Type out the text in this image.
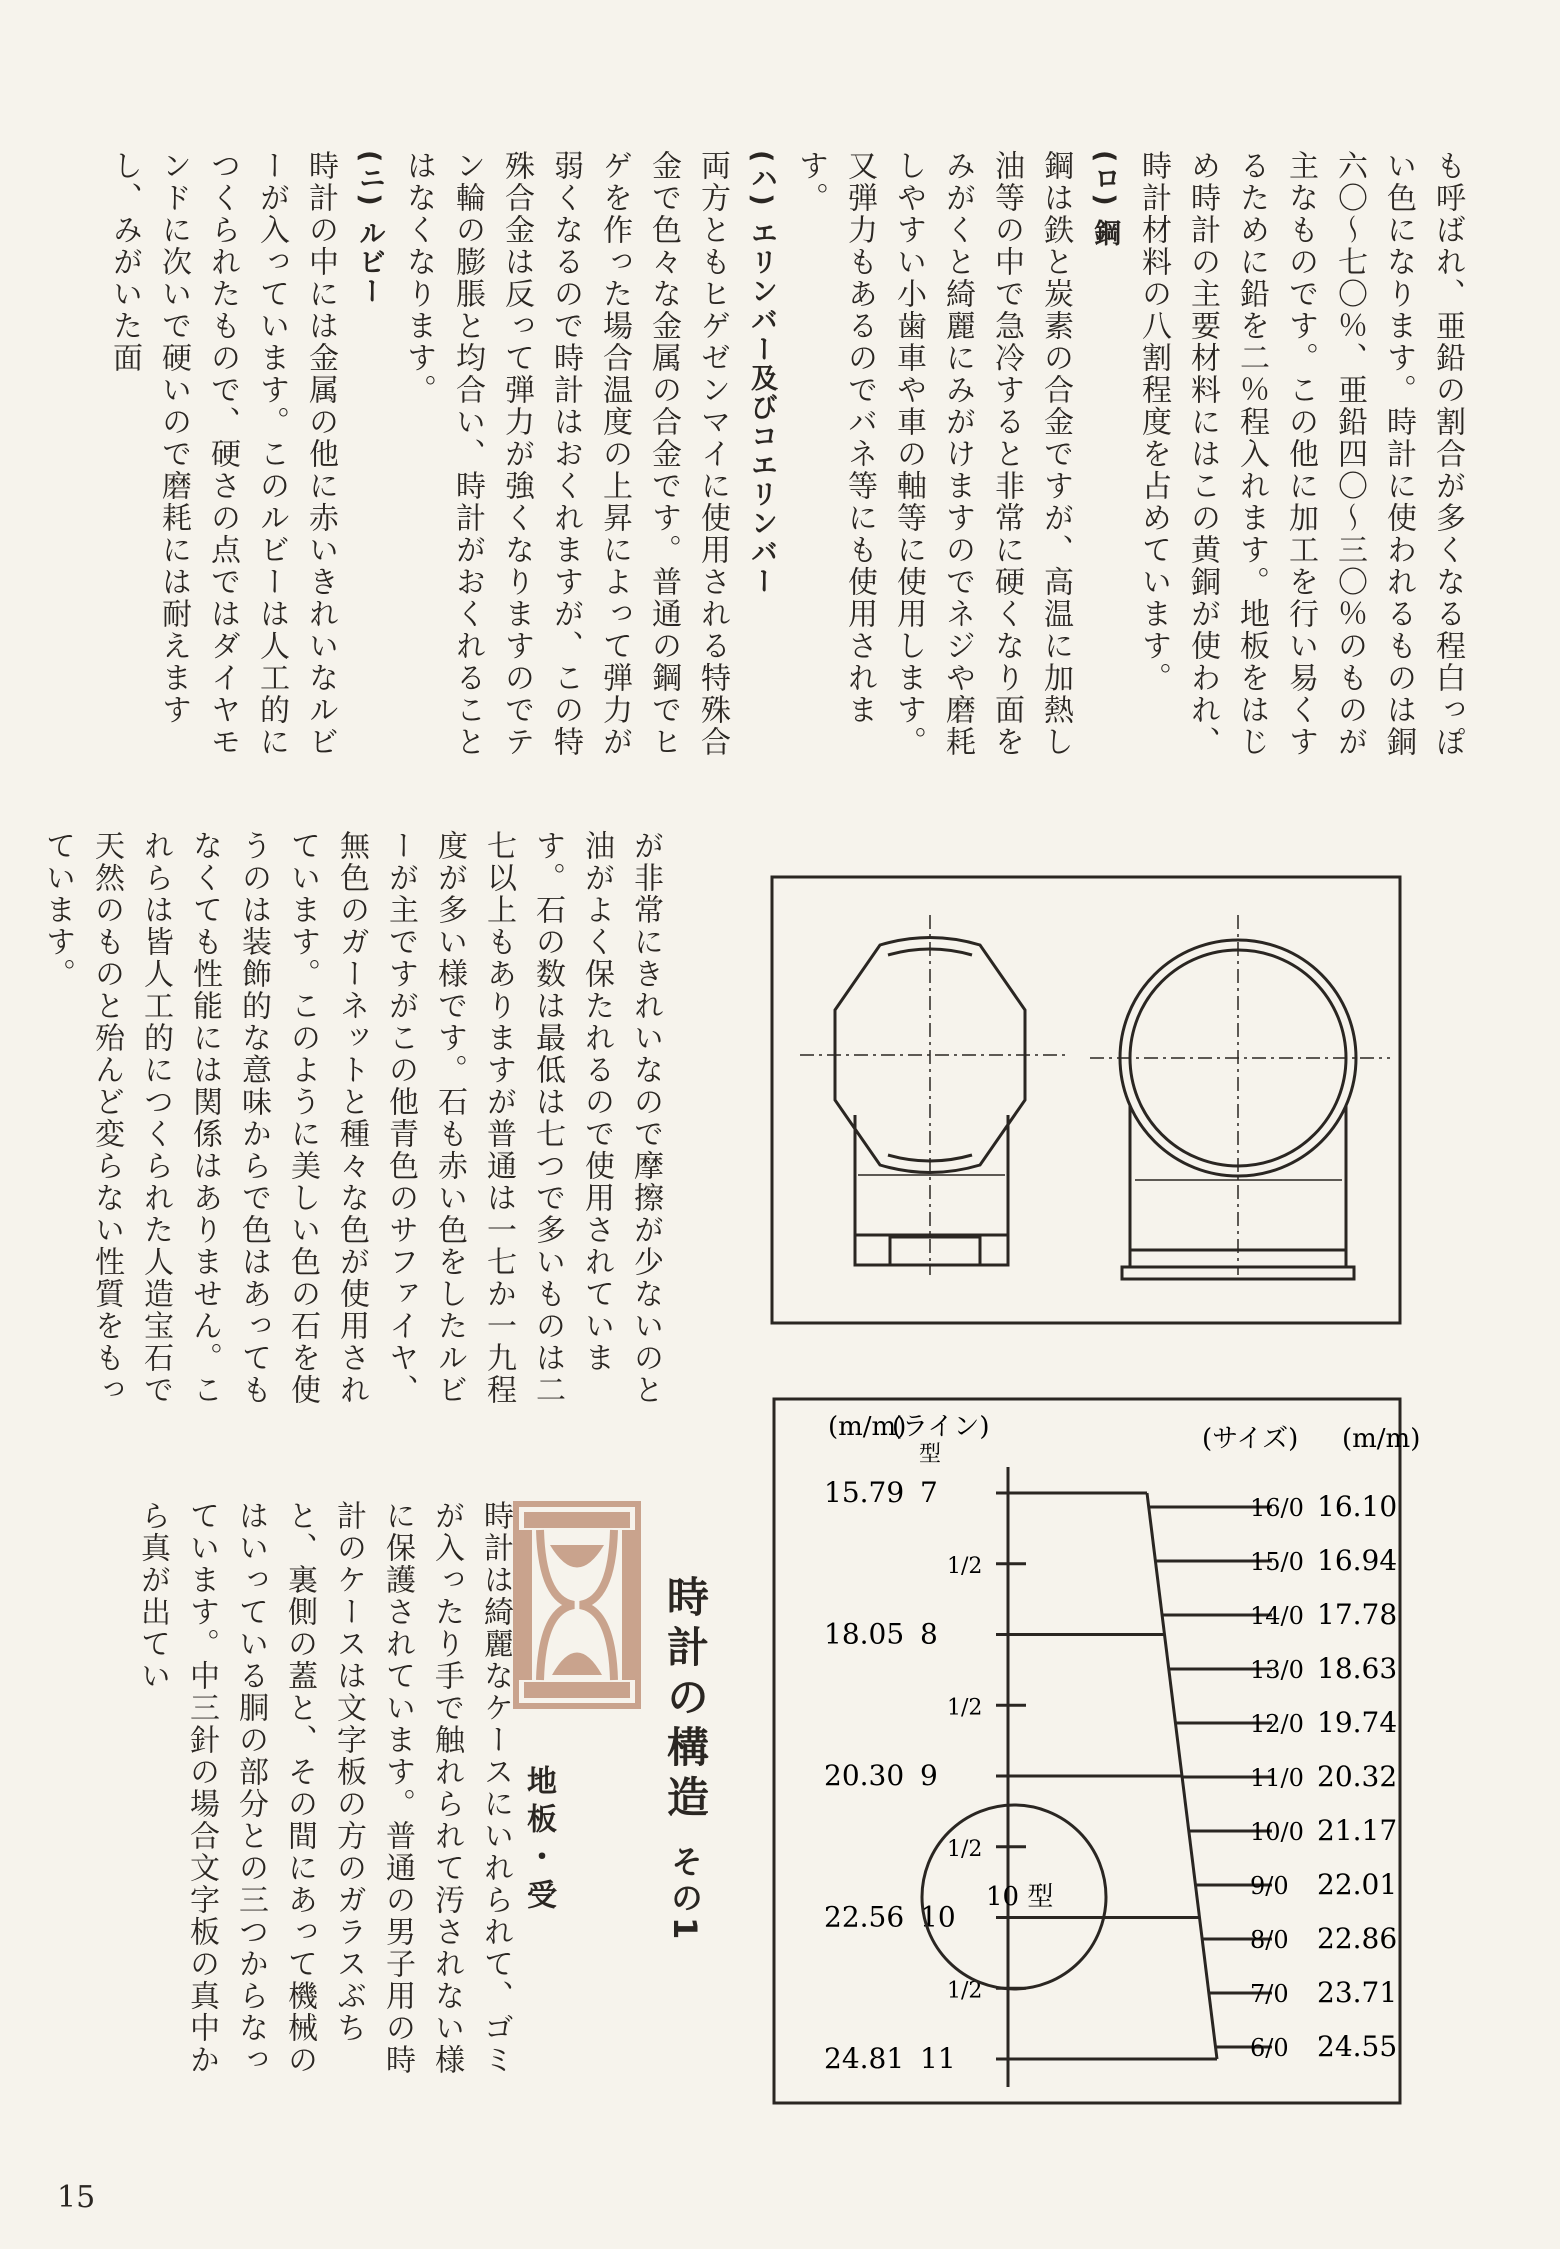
も呼ばれ、亜鉛の割合が多くなる程白っぽい色になります。時計に使われるものは銅六〇～七〇％、亜鉛四〇～三〇％のものが主なものです。この他に加工を行い易くするために鉛を二％程入れます。地板をはじめ時計の主要材料にはこの黄銅が使われ、時計材料の八割程度を占めています。
(ロ) 鋼
鋼は鉄と炭素の合金ですが、高温に加熱し油等の中で急冷すると非常に硬くなり面をみがくと綺麗にみがけますのでネジや磨耗しやすい小歯車や車の軸等に使用します。又弾力もあるのでバネ等にも使用されます。
(ハ) エリンバー及びコエリンバー
両方ともヒゲゼンマイに使用される特殊合金で色々な金属の合金です。普通の鋼でヒゲを作った場合温度の上昇によって弾力が弱くなるので時計はおくれますが、この特殊合金は反って弾力が強くなりますのでテン輪の膨脹と均合い、時計がおくれることはなくなります。
(ニ) ルビー
時計の中には金属の他に赤いきれいなルビーが入っています。このルビーは人工的につくられたもので、硬さの点ではダイヤモンドに次いで硬いので磨耗には耐えますし、みがいた面
が非常にきれいなので摩擦が少ないのと油がよく保たれるので使用されています。石の数は最低は七つで多いものは二七以上もありますが普通は一七か一九程度が多い様です。石も赤い色をしたルビーが主ですがこの他青色のサファイヤ、無色のガーネットと種々な色が使用されています。このように美しい色の石を使うのは装飾的な意味からで色はあってもなくても性能には関係はありません。これらは皆人工的につくられた人造宝石で天然のものと殆んど変らない性質をもっています。
時計の構造その1
地板・受
時計は綺麗なケースにいれられて、ゴミが入ったり手で触れられて汚されない様に保護されています。普通の男子用の時計のケースは文字板の方のガラスぶちと、裏側の蓋と、その間にあって機械のはいっている胴の部分との三つからなっています。中三針の場合文字板の真中から真が出てい
(m/m)
(ライン)
型
(サイズ) (m/m)
15.79 7
1/2
18.05 8
1/2
20.30 9
1/2
22.56 10
1/2
24.81 11
16/0 16.10
15/0 16.94
14/0 17.78
13/0 18.63
12/0 19.74
11/0 20.32
10/0 21.17
9/0 22.01
8/0 22.86
7/0 23.71
6/0 24.55
10 型
15
